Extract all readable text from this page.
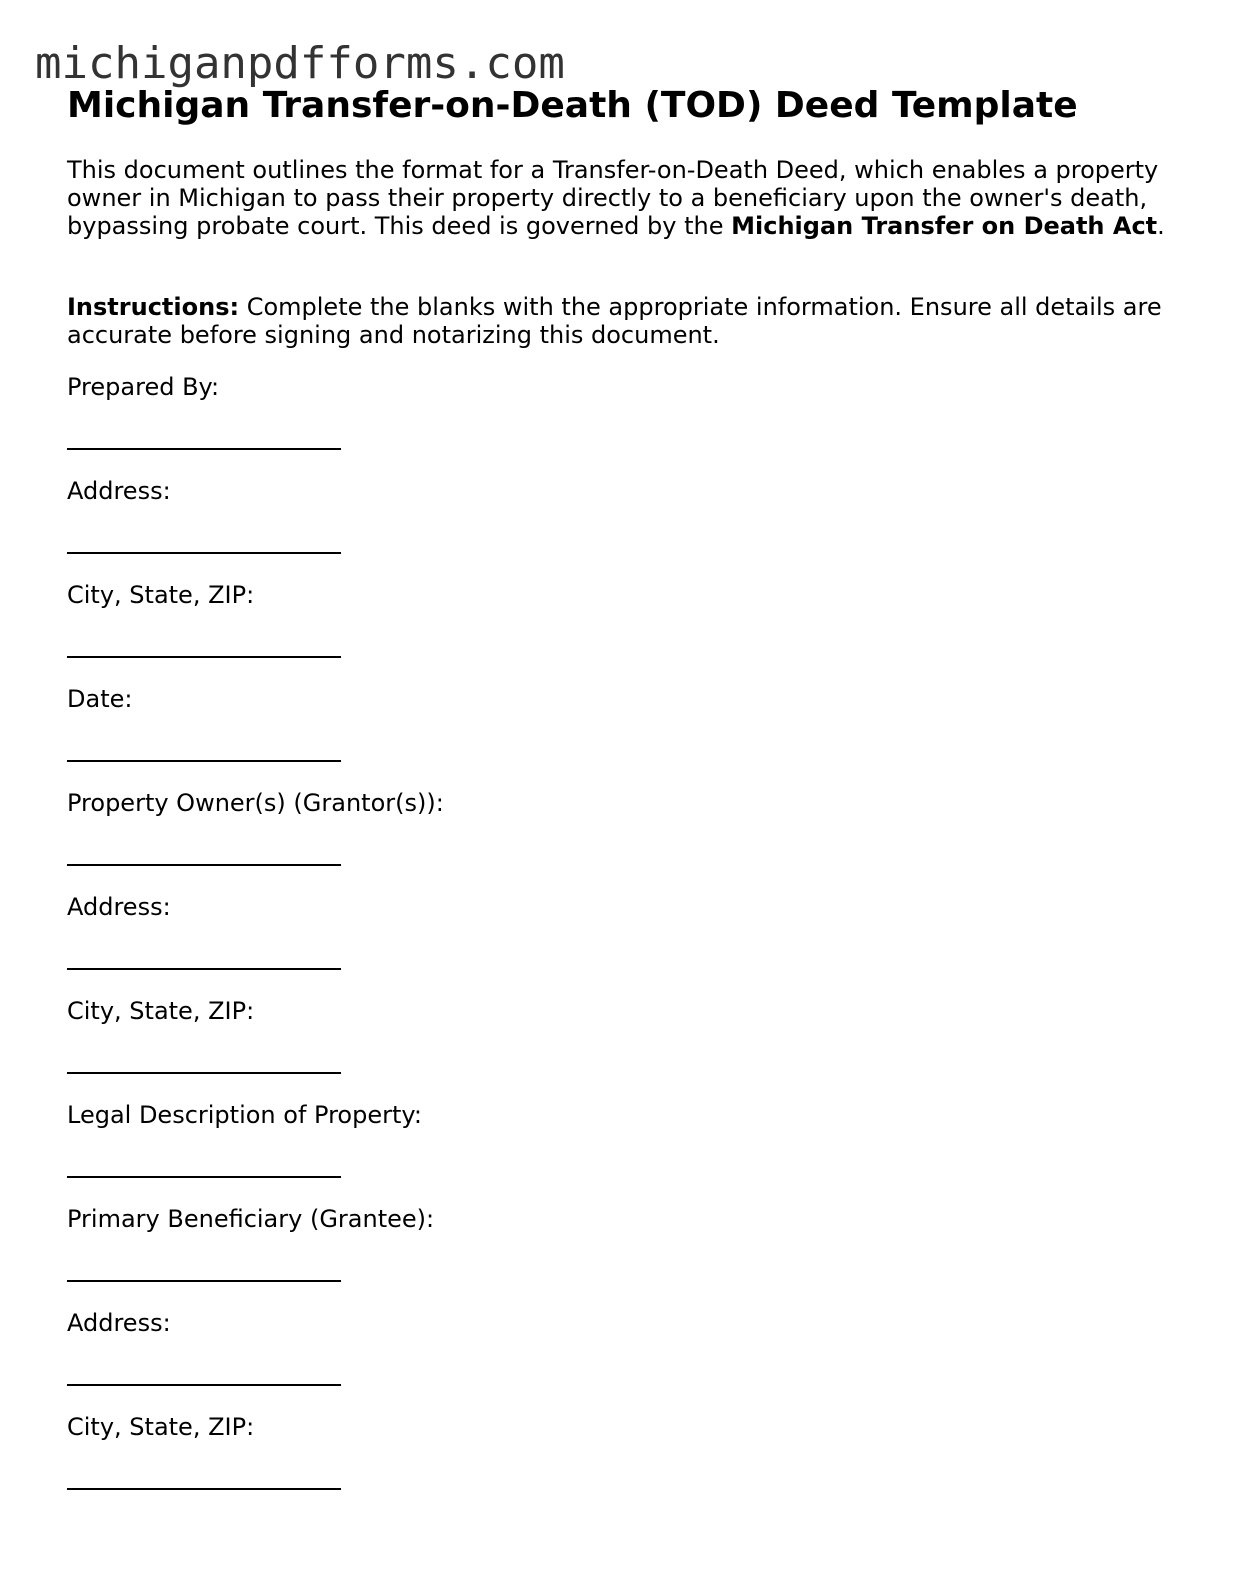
michiganpdfforms.com
Michigan Transfer-on-Death (TOD) Deed Template

This document outlines the format for a Transfer-on-Death Deed, which enables a property owner in Michigan to pass their property directly to a beneficiary upon the owner's death, bypassing probate court. This deed is governed by the Michigan Transfer on Death Act.

Instructions: Complete the blanks with the appropriate information. Ensure all details are accurate before signing and notarizing this document.

Prepared By:
Address:
City, State, ZIP:
Date:
Property Owner(s) (Grantor(s)):
Address:
City, State, ZIP:
Legal Description of Property:
Primary Beneficiary (Grantee):
Address:
City, State, ZIP:
